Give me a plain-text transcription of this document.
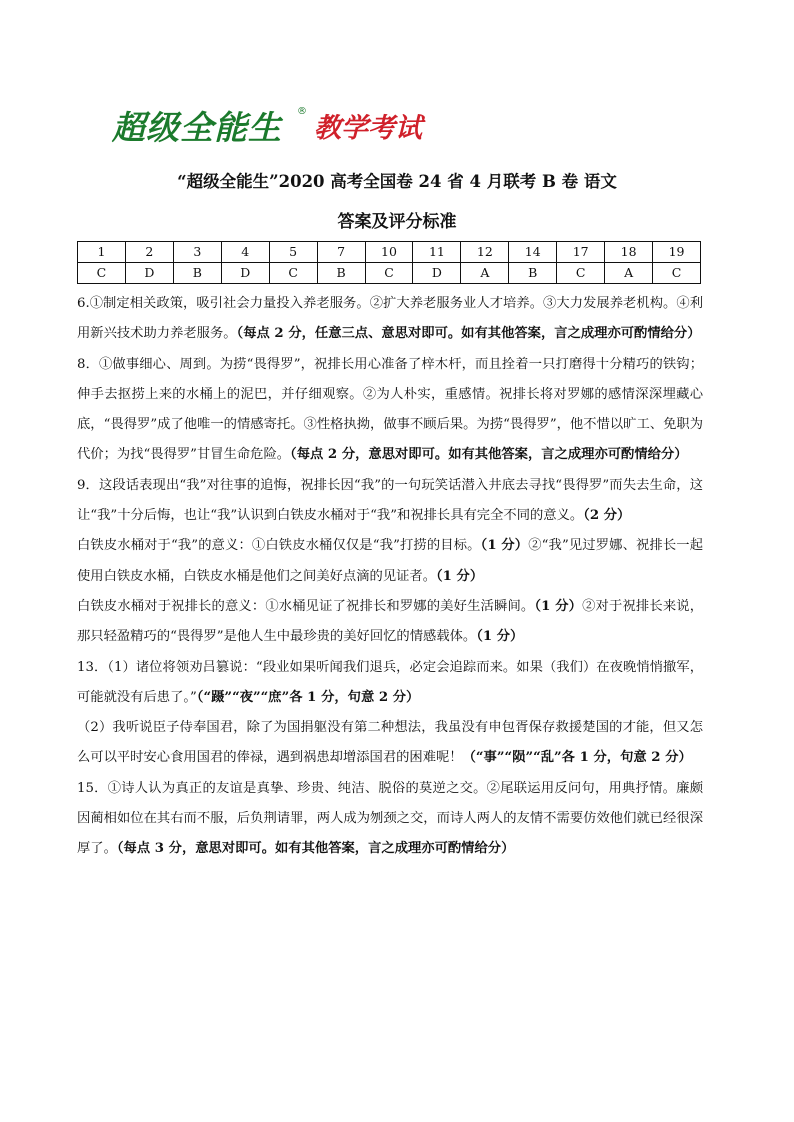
超级全能生 ®
教学考试
“超级全能生”2020 高考全国卷 24 省 4 月联考 B 卷 语文
答案及评分标准
1	2	3	4	5	7	10	11	12	14	17	18	19
C	D	B	D	C	B	C	D	A	B	C	A	C

6.①制定相关政策，吸引社会力量投入养老服务。②扩大养老服务业人才培养。③大力发展养老机构。④利用新兴技术助力养老服务。（每点 2 分，任意三点、意思对即可。如有其他答案，言之成理亦可酌情给分）

8．①做事细心、周到。为捞“畏得罗”，祝排长用心准备了梓木杆，而且拴着一只打磨得十分精巧的铁钩；伸手去抠捞上来的水桶上的泥巴，并仔细观察。②为人朴实，重感情。祝排长将对罗娜的感情深深埋藏心底，“畏得罗”成了他唯一的情感寄托。③性格执拗，做事不顾后果。为捞“畏得罗”，他不惜以旷工、免职为代价；为找“畏得罗”甘冒生命危险。（每点 2 分，意思对即可。如有其他答案，言之成理亦可酌情给分）

9．这段话表现出“我”对往事的追悔，祝排长因“我”的一句玩笑话潜入井底去寻找“畏得罗”而失去生命，这让“我”十分后悔，也让“我”认识到白铁皮水桶对于“我”和祝排长具有完全不同的意义。（2 分）

白铁皮水桶对于“我”的意义：①白铁皮水桶仅仅是“我”打捞的目标。（1 分）②“我”见过罗娜、祝排长一起使用白铁皮水桶，白铁皮水桶是他们之间美好点滴的见证者。（1 分）

白铁皮水桶对于祝排长的意义：①水桶见证了祝排长和罗娜的美好生活瞬间。（1 分）②对于祝排长来说，那只轻盈精巧的“畏得罗”是他人生中最珍贵的美好回忆的情感载体。（1 分）

13．（1）诸位将领劝吕篡说：“段业如果听闻我们退兵，必定会追踪而来。如果（我们）在夜晚悄悄撤军，可能就没有后患了。”（“蹑”“夜”“庶”各 1 分，句意 2 分）

（2）我听说臣子侍奉国君，除了为国捐躯没有第二种想法，我虽没有申包胥保存救援楚国的才能，但又怎么可以平时安心食用国君的俸禄，遇到祸患却增添国君的困难呢！（“事”“陨”“乱”各 1 分，句意 2 分）

15．①诗人认为真正的友谊是真挚、珍贵、纯洁、脱俗的莫逆之交。②尾联运用反问句，用典抒情。廉颇因蔺相如位在其右而不服，后负荆请罪，两人成为刎颈之交，而诗人两人的友情不需要仿效他们就已经很深厚了。（每点 3 分，意思对即可。如有其他答案，言之成理亦可酌情给分）
